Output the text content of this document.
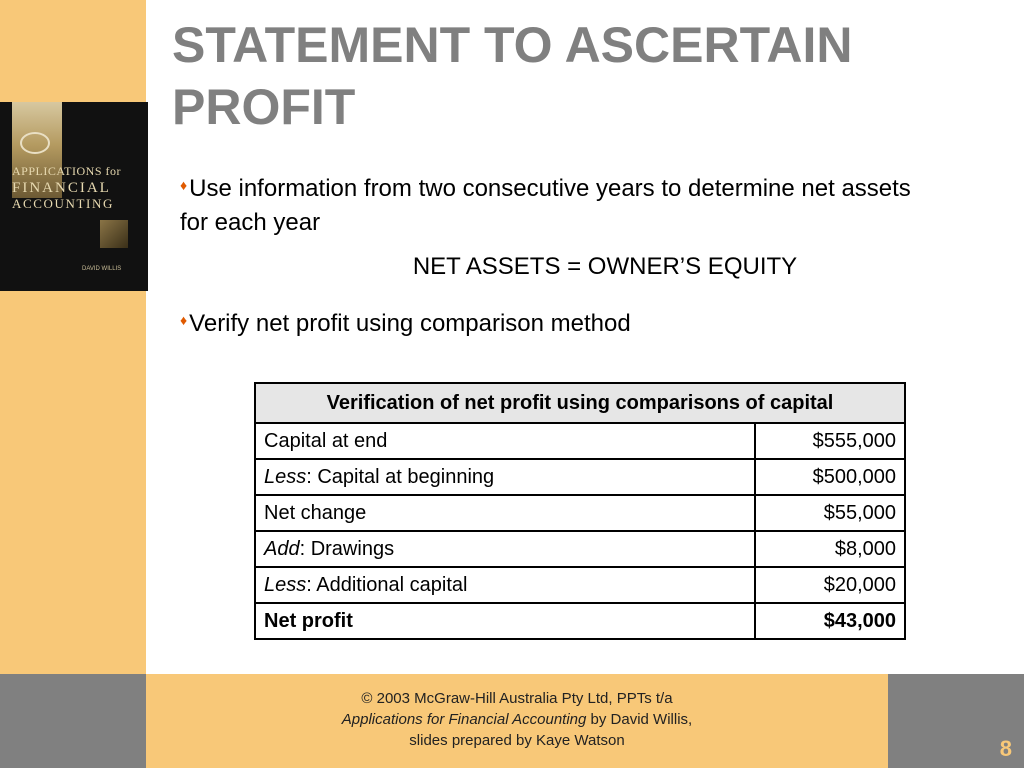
APPLICATIONS for
FINANCIAL
ACCOUNTING
DAVID WILLIS
STATEMENT TO ASCERTAIN PROFIT
♦Use information from two consecutive years to determine net assets for each year
NET ASSETS = OWNER’S EQUITY
♦Verify net profit using comparison method
Verification of net profit using comparisons of capital	
Capital at end	$555,000
Less: Capital at beginning	$500,000
Net change	$55,000
Add: Drawings	$8,000
Less: Additional capital	$20,000
Net profit	$43,000
© 2003 McGraw-Hill Australia Pty Ltd, PPTs t/a
Applications for Financial Accounting by David Willis,
slides prepared by Kaye Watson	8
